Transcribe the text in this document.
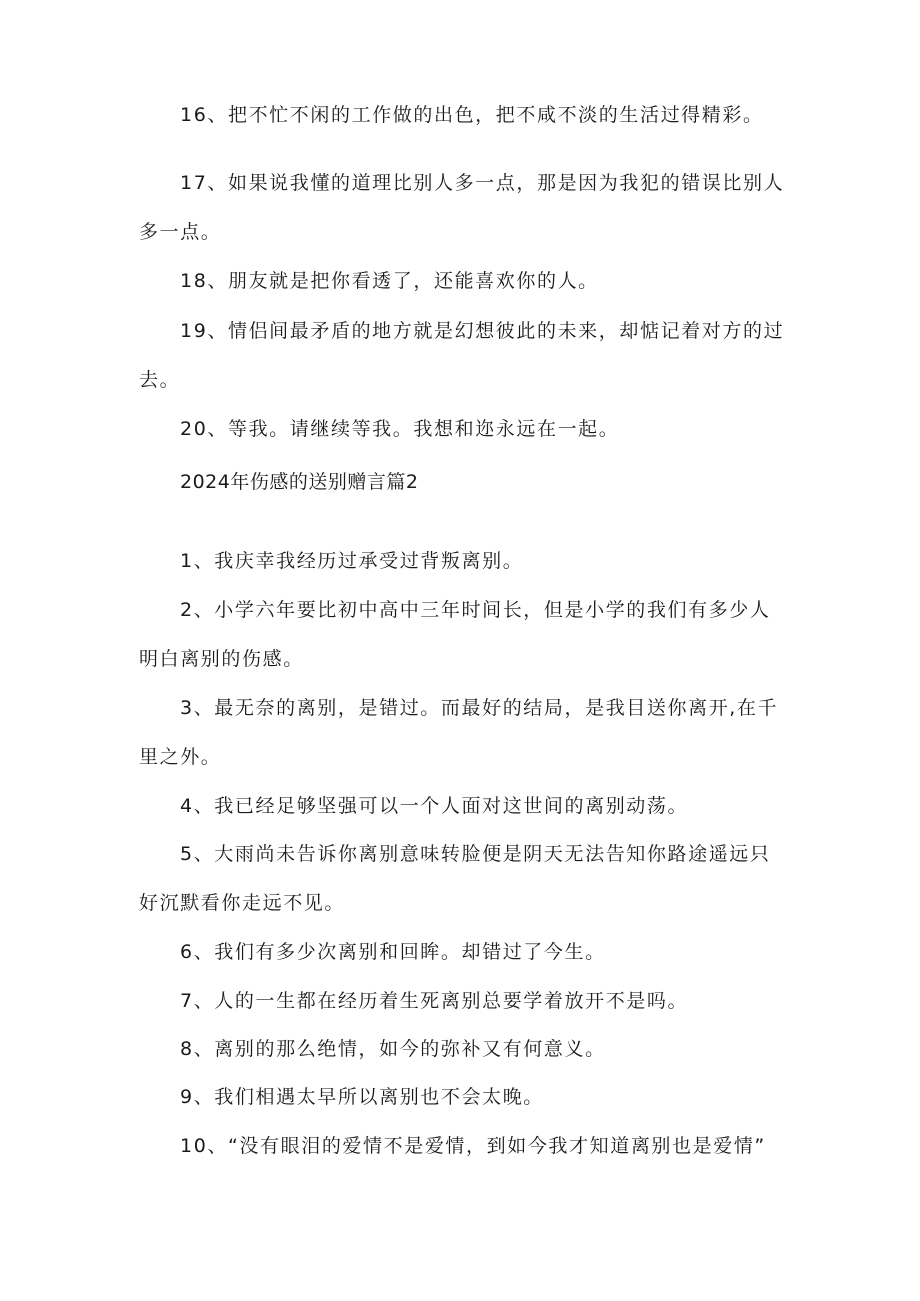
16、把不忙不闲的工作做的出色，把不咸不淡的生活过得精彩。

17、如果说我懂的道理比别人多一点，那是因为我犯的错误比别人多一点。

18、朋友就是把你看透了，还能喜欢你的人。

19、情侣间最矛盾的地方就是幻想彼此的未来，却惦记着对方的过去。

20、等我。请继续等我。我想和迩永远在一起。

2024年伤感的送别赠言篇2

1、我庆幸我经历过承受过背叛离别。

2、小学六年要比初中高中三年时间长，但是小学的我们有多少人明白离别的伤感。

3、最无奈的离别，是错过。而最好的结局，是我目送你离开,在千里之外。

4、我已经足够坚强可以一个人面对这世间的离别动荡。

5、大雨尚未告诉你离别意味转脸便是阴天无法告知你路途遥远只好沉默看你走远不见。

6、我们有多少次离别和回眸。却错过了今生。

7、人的一生都在经历着生死离别总要学着放开不是吗。

8、离别的那么绝情，如今的弥补又有何意义。

9、我们相遇太早所以离别也不会太晚。

10、“没有眼泪的爱情不是爱情，到如今我才知道离别也是爱情”
